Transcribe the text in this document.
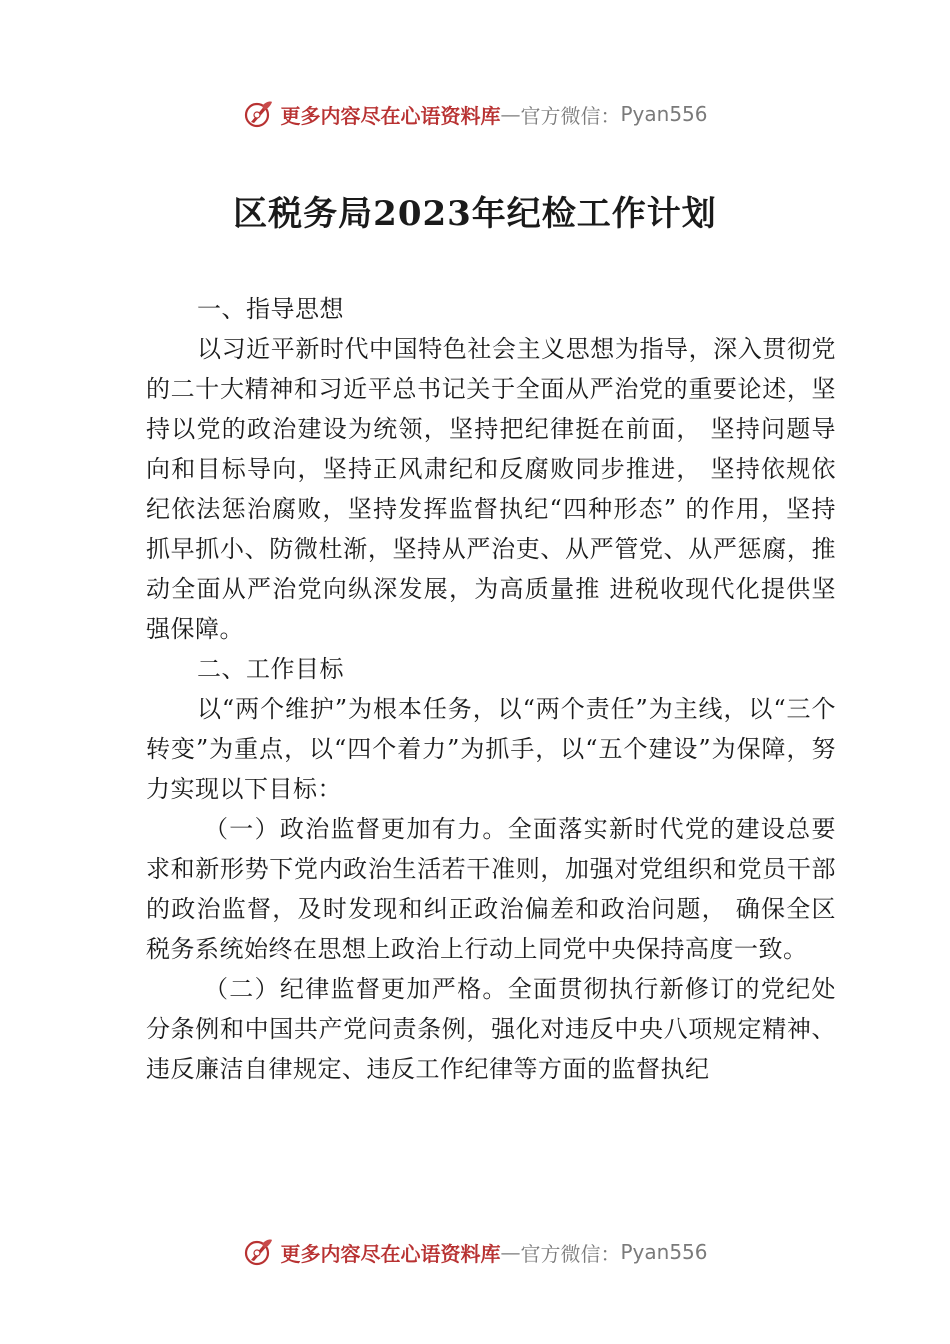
更多内容尽在心语资料库 — 官方微信： Pyan556
区税务局2023年纪检工作计划

一、指导思想

以习近平新时代中国特色社会主义思想为指导，深入贯彻党的二十大精神和习近平总书记关于全面从严治党的重要论述，坚持以党的政治建设为统领，坚持把纪律挺在前面， 坚持问题导向和目标导向，坚持正风肃纪和反腐败同步推进， 坚持依规依纪依法惩治腐败，坚持发挥监督执纪“四种形态” 的作用，坚持抓早抓小、防微杜渐，坚持从严治吏、从严管党、从严惩腐，推动全面从严治党向纵深发展，为高质量推 进税收现代化提供坚强保障。

二、工作目标

以“两个维护”为根本任务，以“两个责任”为主线，以“三个转变”为重点，以“四个着力”为抓手，以“五个建设”为保障，努力实现以下目标：

（一）政治监督更加有力。全面落实新时代党的建设总要求和新形势下党内政治生活若干准则，加强对党组织和党员干部的政治监督，及时发现和纠正政治偏差和政治问题， 确保全区税务系统始终在思想上政治上行动上同党中央保持高度一致。

（二）纪律监督更加严格。全面贯彻执行新修订的党纪处分条例和中国共产党问责条例，强化对违反中央八项规定精神、违反廉洁自律规定、违反工作纪律等方面的监督执纪

更多内容尽在心语资料库 — 官方微信： Pyan556
